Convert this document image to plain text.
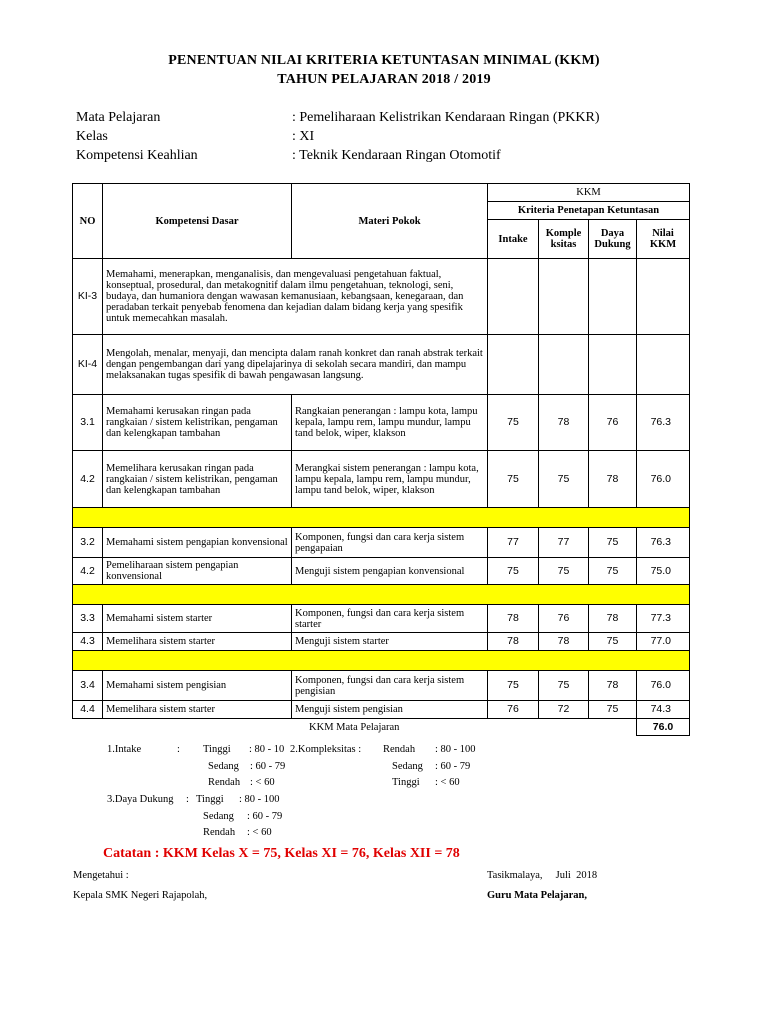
PENENTUAN NILAI KRITERIA KETUNTASAN MINIMAL (KKM)
TAHUN PELAJARAN 2018 / 2019
Mata Pelajaran	: Pemeliharaan Kelistrikan Kendaraan Ringan (PKKR)
Kelas	: XI
Kompetensi Keahlian	: Teknik Kendaraan Ringan Otomotif
NO	Kompetensi Dasar	Materi Pokok	KKM			
			Kriteria Penetapan Ketuntasan			
			Intake	Komple ksitas	Daya Dukung	Nilai KKM
KI-3	Memahami, menerapkan, menganalisis, dan mengevaluasi pengetahuan faktual, konseptual, prosedural, dan metakognitif dalam ilmu pengetahuan, teknologi, seni, budaya, dan humaniora dengan wawasan kemanusiaan, kebangsaan, kenegaraan, dan peradaban terkait penyebab fenomena dan kejadian dalam bidang kerja yang spesifik untuk memecahkan masalah.					
KI-4	Mengolah, menalar, menyaji, dan mencipta dalam ranah konkret dan ranah abstrak terkait dengan pengembangan dari yang dipelajarinya di sekolah secara mandiri, dan mampu melaksanakan tugas spesifik di bawah pengawasan langsung.					
3.1	Memahami kerusakan ringan pada rangkaian / sistem kelistrikan, pengaman dan kelengkapan tambahan	Rangkaian penerangan : lampu kota, lampu kepala, lampu rem, lampu mundur, lampu tand belok, wiper, klakson	75	78	76	76.3
4.2	Memelihara kerusakan ringan pada rangkaian / sistem kelistrikan, pengaman dan kelengkapan tambahan	Merangkai sistem penerangan : lampu kota, lampu kepala, lampu rem, lampu mundur, lampu tand belok, wiper, klakson	75	75	78	76.0

3.2	Memahami sistem pengapian konvensional	Komponen, fungsi dan cara kerja sistem pengapaian	77	77	75	76.3
4.2	Pemeliharaan sistem pengapian konvensional	Menguji sistem pengapian konvensional	75	75	75	75.0

3.3	Memahami sistem starter	Komponen, fungsi dan cara kerja sistem starter	78	76	78	77.3
4.3	Memelihara sistem starter	Menguji sistem starter	78	78	75	77.0

3.4	Memahami sistem pengisian	Komponen, fungsi dan cara kerja sistem pengisian	75	75	78	76.0
4.4	Memelihara sistem starter	Menguji sistem pengisian	76	72	75	74.3
KKM Mata Pelajaran						76.0
1.Intake	: Tinggi : 80 - 10 2.Kompleksitas : Rendah : 80 - 100
Sedang : 60 - 79	Sedang : 60 - 79
Rendah : < 60	Tinggi : < 60
3.Daya Dukung : Tinggi : 80 - 100
Sedang : 60 - 79
Rendah : < 60
Catatan : KKM Kelas X = 75, Kelas XI = 76, Kelas XII = 78
Mengetahui :
Kepala SMK Negeri Rajapolah,
Tasikmalaya,     Juli  2018
Guru Mata Pelajaran,
